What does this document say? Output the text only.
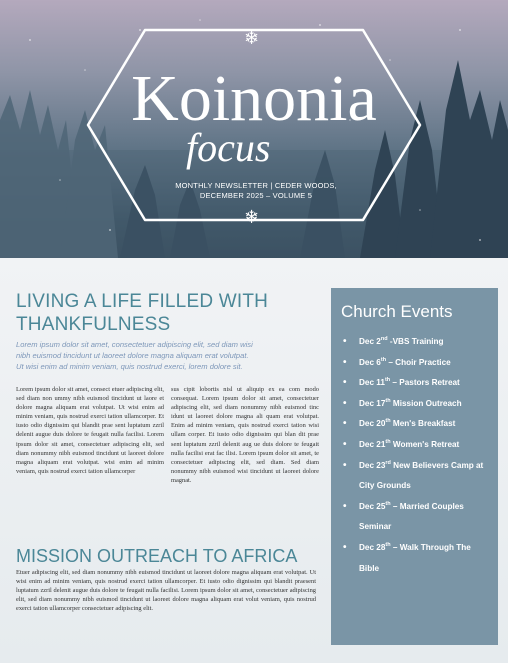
❄
❄
Koinonia
focus
MONTHLY NEWSLETTER | CEDER WOODS,
DECEMBER 2025 – VOLUME 5
LIVING A LIFE FILLED WITH
THANKFULNESS
Lorem ipsum dolor sit amet, consectetuer adipiscing elit, sed diam wisi
nibh euismod tincidunt ut laoreet dolore magna aliquam erat volutpat.
Ut wisi enim ad minim veniam, quis nostrud exerci, lorem dolore sit.
Lorem ipsum dolor sit amet, consect etuer adipiscing elit, sed diam non ummy nibh euismod tincidunt ut laore et dolore magna aliquam erat volutpat. Ut wisi enim ad minim veniam, quis nostrud exerci tation ullamcorper. Et iusto odio dignissim qui blandit prae sent luptatum zzril delenit augue duis dolore te feugait nulla facilisi. Lorem ipsum dolor sit amet, consectetuer adipiscing elit, sed diam nonummy nibh euismod tincidunt ut laoreet dolore magna aliquam erat volutpat. wisi enim ad minim veniam, quis nostrud exerci tation ullamcorper
sus cipit lobortis nisl ut aliquip ex ea com modo consequat. Lorem ipsum dolor sit amet, consectetuer adipiscing elit, sed diam nonummy nibh euismod tinc idunt ut laoreet dolore magna ali quam erat volutpat. Enim ad minim veniam, quis nostrud exerci tation wisi ullam corper. Et iusto odio dignissim qui blan dit prae sent luptatum zzril delenit aug ue duis dolore te feugait nulla facilisi erat fac ilisi. Lorem ipsum dolor sit amet, te consectetuer adipiscing elit, sed diam. Sed diam nonummy nibh euismod wisi tincidunt ut laoreet dolore magnat.
MISSION OUTREACH TO AFRICA
Etuer adipiscing elit, sed diam nonummy nibh euismod tincidunt ut laoreet dolore magna aliquam erat volutpat. Ut wisi enim ad minim veniam, quis nostrud exerci tation ullamcorper. Et iusto odio dignissim qui blandit praesent luptatum zzril delenit augue duis dolore te feugait nulla facilisi. Lorem ipsum dolor sit amet, consectetuer adipiscing elit, sed diam nonummy nibh euismod tincidunt ut laoreet dolore magna aliquam erat volut veniam, quis nostrud exerci tation ullamcorper consectetuer adipiscing elit.
Church Events
• Dec 2nd -VBS Training
• Dec 6th – Choir Practice
• Dec 11th – Pastors Retreat
• Dec 17th Mission Outreach
• Dec 20th Men's Breakfast
• Dec 21th Women's Retreat
• Dec 23rd New Believers Camp at City Grounds
• Dec 25th – Married Couples Seminar
• Dec 28th – Walk Through The Bible
